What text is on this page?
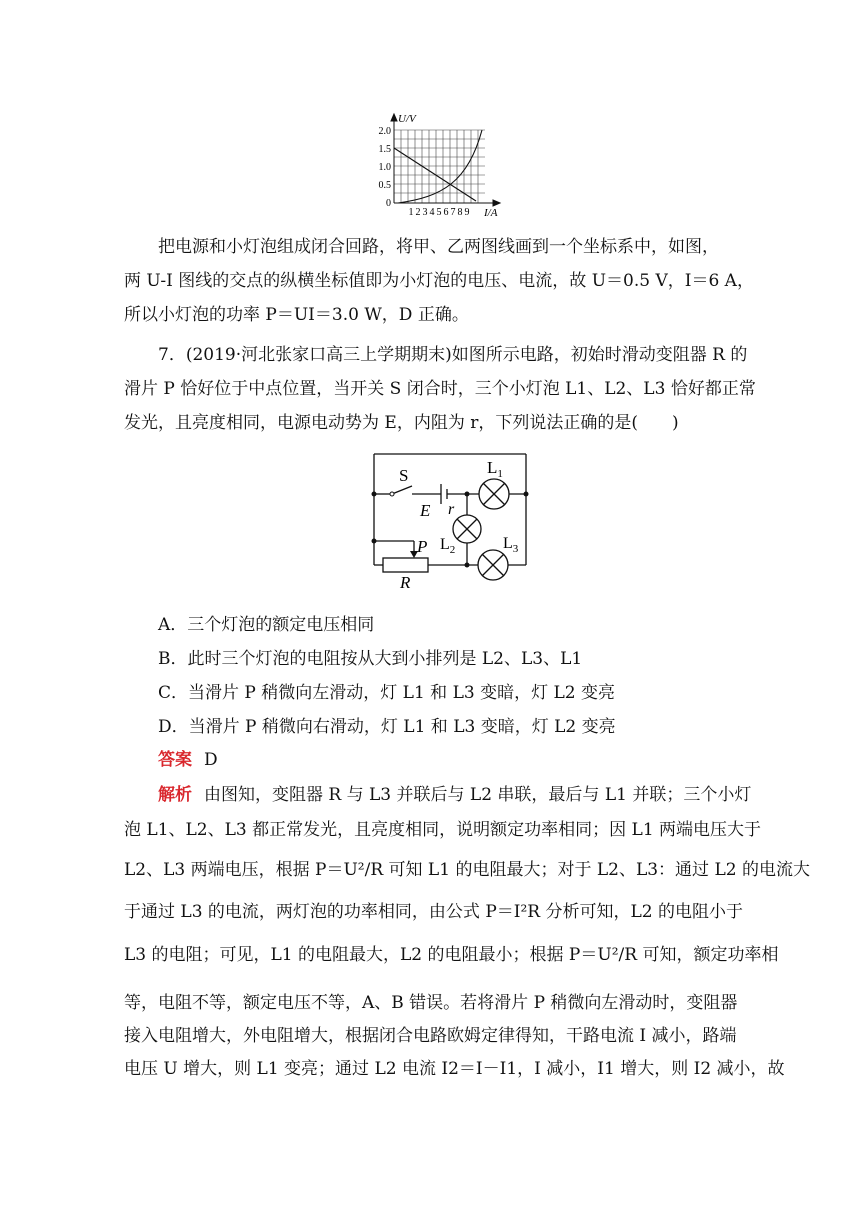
U/V
2.0
1.5
1.0
0.5
0
1 2 3 4 5 6 7 8 9 I/A
把电源和小灯泡组成闭合回路，将甲、乙两图线画到一个坐标系中，如图，
两 U-I 图线的交点的纵横坐标值即为小灯泡的电压、电流，故 U＝0.5 V，I＝6 A，
所以小灯泡的功率 P＝UI＝3.0 W，D 正确。
7．(2019·河北张家口高三上学期期末)如图所示电路，初始时滑动变阻器 R 的
滑片 P 恰好位于中点位置，当开关 S 闭合时，三个小灯泡 L1、L2、L3 恰好都正常
发光，且亮度相同，电源电动势为 E，内阻为 r，下列说法正确的是(　　)
S
E r
$L_1$
$L_2$	$L_3$
P
R
A．三个灯泡的额定电压相同
B．此时三个灯泡的电阻按从大到小排列是 L2、L3、L1
C．当滑片 P 稍微向左滑动，灯 L1 和 L3 变暗，灯 L2 变亮
D．当滑片 P 稍微向右滑动，灯 L1 和 L3 变暗，灯 L2 变亮
答案 D
解析 由图知，变阻器 R 与 L3 并联后与 L2 串联，最后与 L1 并联；三个小灯
泡 L1、L2、L3 都正常发光，且亮度相同，说明额定功率相同；因 L1 两端电压大于
L2、L3 两端电压，根据 P＝U²/R 可知 L1 的电阻最大；对于 L2、L3：通过 L2 的电流大
于通过 L3 的电流，两灯泡的功率相同，由公式 P＝I²R 分析可知，L2 的电阻小于
L3 的电阻；可见，L1 的电阻最大，L2 的电阻最小；根据 P＝U²/R 可知，额定功率相
等，电阻不等，额定电压不等，A、B 错误。若将滑片 P 稍微向左滑动时，变阻器
接入电阻增大，外电阻增大，根据闭合电路欧姆定律得知，干路电流 I 减小，路端
电压 U 增大，则 L1 变亮；通过 L2 电流 I2＝I－I1，I 减小，I1 增大，则 I2 减小，故
